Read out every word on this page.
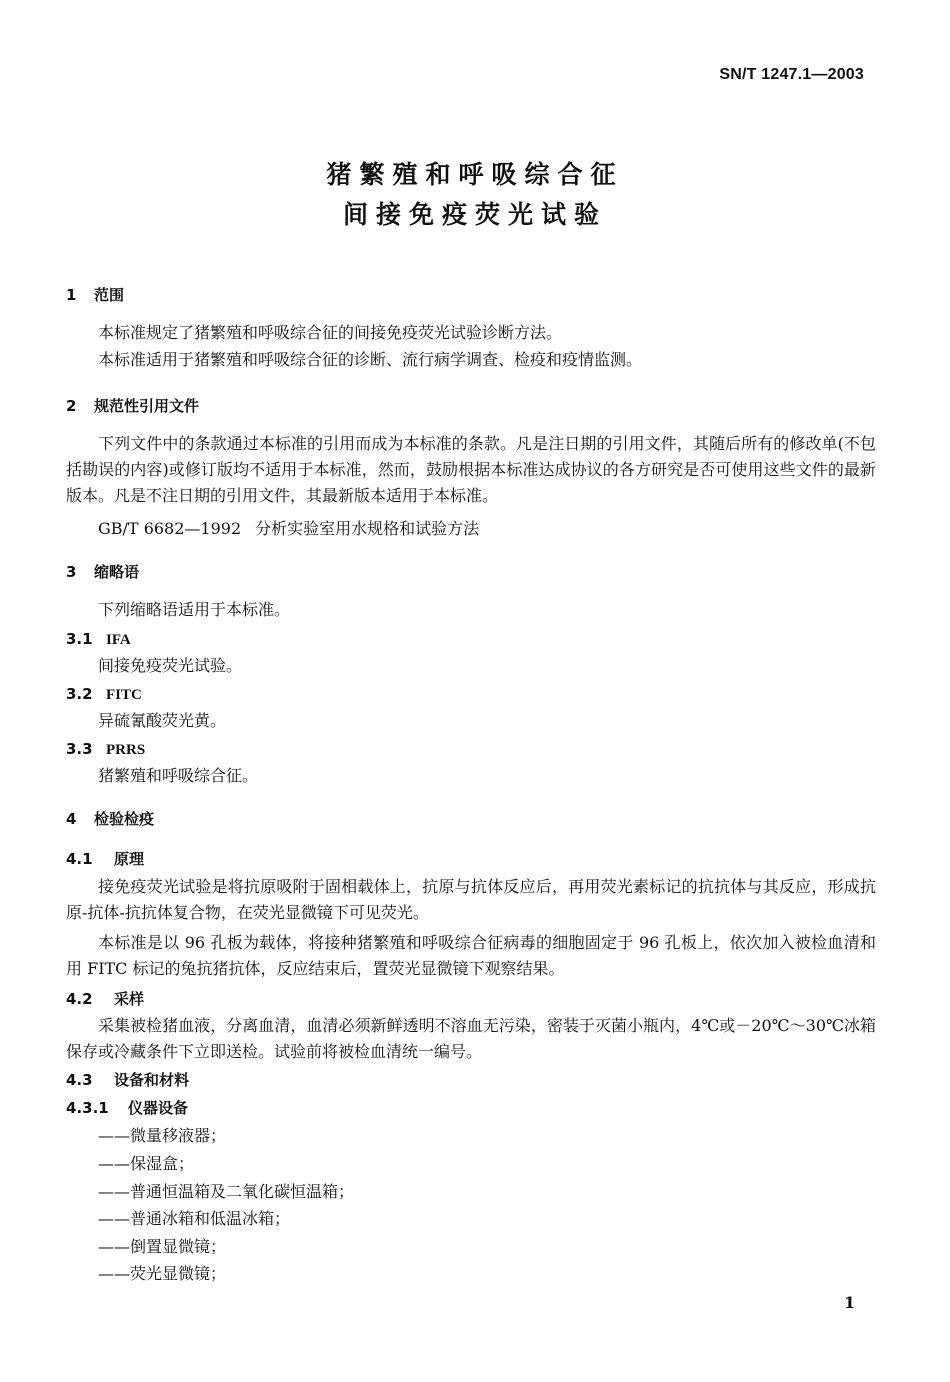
SN/T 1247.1—2003
猪繁殖和呼吸综合征
间接免疫荧光试验
1 范围
本标准规定了猪繁殖和呼吸综合征的间接免疫荧光试验诊断方法。
本标准适用于猪繁殖和呼吸综合征的诊断、流行病学调查、检疫和疫情监测。
2 规范性引用文件
下列文件中的条款通过本标准的引用而成为本标准的条款。凡是注日期的引用文件，其随后所有的修改单(不包括勘误的内容)或修订版均不适用于本标准，然而，鼓励根据本标准达成协议的各方研究是否可使用这些文件的最新版本。凡是不注日期的引用文件，其最新版本适用于本标准。
GB/T 6682—1992 分析实验室用水规格和试验方法
3 缩略语
下列缩略语适用于本标准。
3.1 IFA
间接免疫荧光试验。
3.2 FITC
异硫氰酸荧光黄。
3.3 PRRS
猪繁殖和呼吸综合征。
4 检验检疫
4.1 原理
接免疫荧光试验是将抗原吸附于固相载体上，抗原与抗体反应后，再用荧光素标记的抗抗体与其反应，形成抗原-抗体-抗抗体复合物，在荧光显微镜下可见荧光。
本标准是以 96 孔板为载体，将接种猪繁殖和呼吸综合征病毒的细胞固定于 96 孔板上，依次加入被检血清和用 FITC 标记的兔抗猪抗体，反应结束后，置荧光显微镜下观察结果。
4.2 采样
采集被检猪血液，分离血清，血清必须新鲜透明不溶血无污染，密装于灭菌小瓶内，4℃或－20℃～30℃冰箱保存或冷藏条件下立即送检。试验前将被检血清统一编号。
4.3 设备和材料
4.3.1 仪器设备
——微量移液器；
——保湿盒；
——普通恒温箱及二氧化碳恒温箱；
——普通冰箱和低温冰箱；
——倒置显微镜；
——荧光显微镜；
1
